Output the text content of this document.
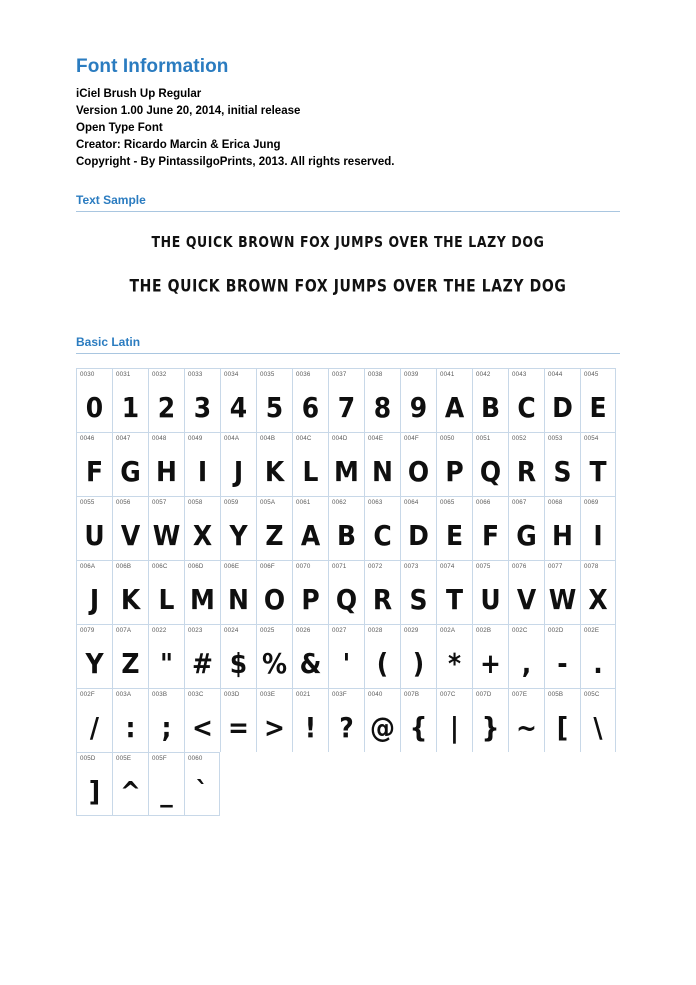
Font Information

iCiel Brush Up Regular

Version 1.00 June 20, 2014, initial release

Open Type Font

Creator: Ricardo Marcin & Erica Jung

Copyright - By PintassilgoPrints, 2013. All rights reserved.

Text Sample
THE QUICK BROWN FOX JUMPS OVER THE LAZY DOG
THE QUICK BROWN FOX JUMPS OVER THE LAZY DOG
Basic Latin
0030
0
0031
1
0032
2
0033
3
0034
4
0035
5
0036
6
0037
7
0038
8
0039
9
0041
A
0042
B
0043
C
0044
D
0045
E
0046
F
0047
G
0048
H
0049
I
004A
J
004B
K
004C
L
004D
M
004E
N
004F
O
0050
P
0051
Q
0052
R
0053
S
0054
T
0055
U
0056
V
0057
W
0058
X
0059
Y
005A
Z
0061
A
0062
B
0063
C
0064
D
0065
E
0066
F
0067
G
0068
H
0069
I
006A
J
006B
K
006C
L
006D
M
006E
N
006F
O
0070
P
0071
Q
0072
R
0073
S
0074
T
0075
U
0076
V
0077
W
0078
X
0079
Y
007A
Z
0022
"
0023
#
0024
$
0025
%
0026
&
0027
'
0028
(
0029
)
002A
*
002B
+
002C
,
002D
-
002E
.
002F
/
003A
:
003B
;
003C
<
003D
=
003E
>
0021
!
003F
?
0040
@
007B
{
007C
|
007D
}
007E
~
005B
[
005C
\
005D
]
005E
^
005F
_
0060
`
